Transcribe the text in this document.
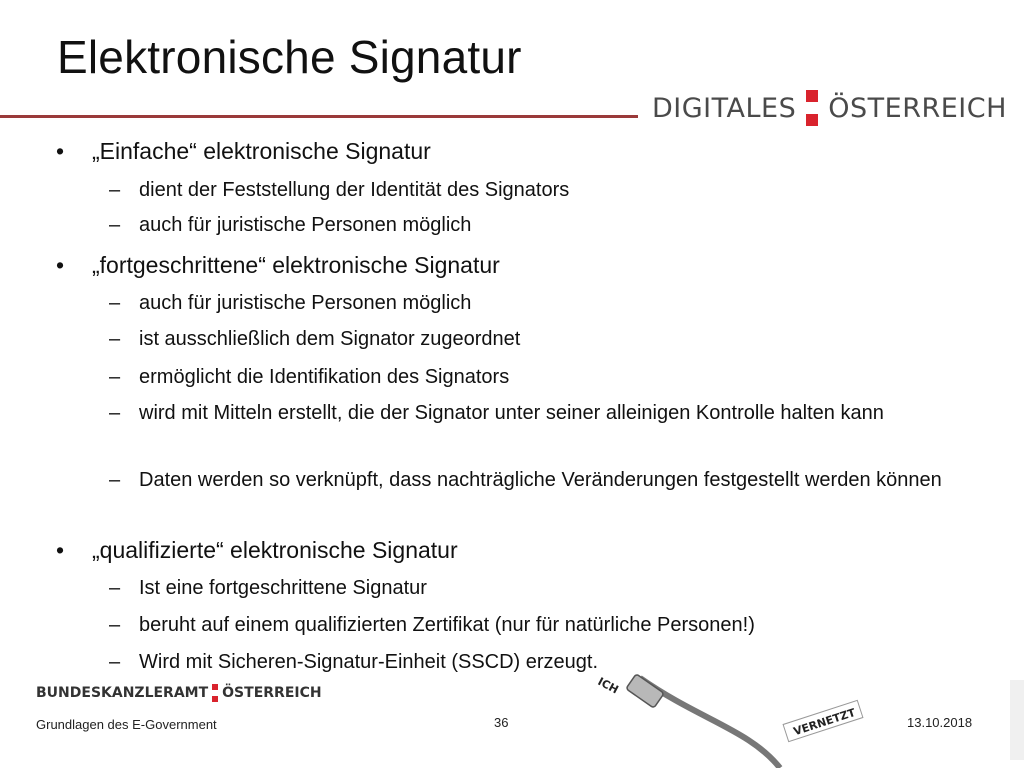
Elektronische Signatur
DIGITALES ÖSTERREICH
• „Einfache“ elektronische Signatur
– dient der Feststellung der Identität des Signators
– auch für juristische Personen möglich
• „fortgeschrittene“ elektronische Signatur
– auch für juristische Personen möglich
– ist ausschließlich dem Signator zugeordnet
– ermöglicht die Identifikation des Signators
– wird mit Mitteln erstellt, die der Signator unter seiner alleinigen Kontrolle halten kann
– Daten werden so verknüpft, dass nachträgliche Veränderungen festgestellt werden können
• „qualifizierte“ elektronische Signatur
– Ist eine fortgeschrittene Signatur
– beruht auf einem qualifizierten Zertifikat (nur für natürliche Personen!)
– Wird mit Sicheren-Signatur-Einheit (SSCD) erzeugt.
VERNETZT
ICH
BUNDESKANZLERAMT ÖSTERREICH
Grundlagen des E-Government	36	13.10.2018
